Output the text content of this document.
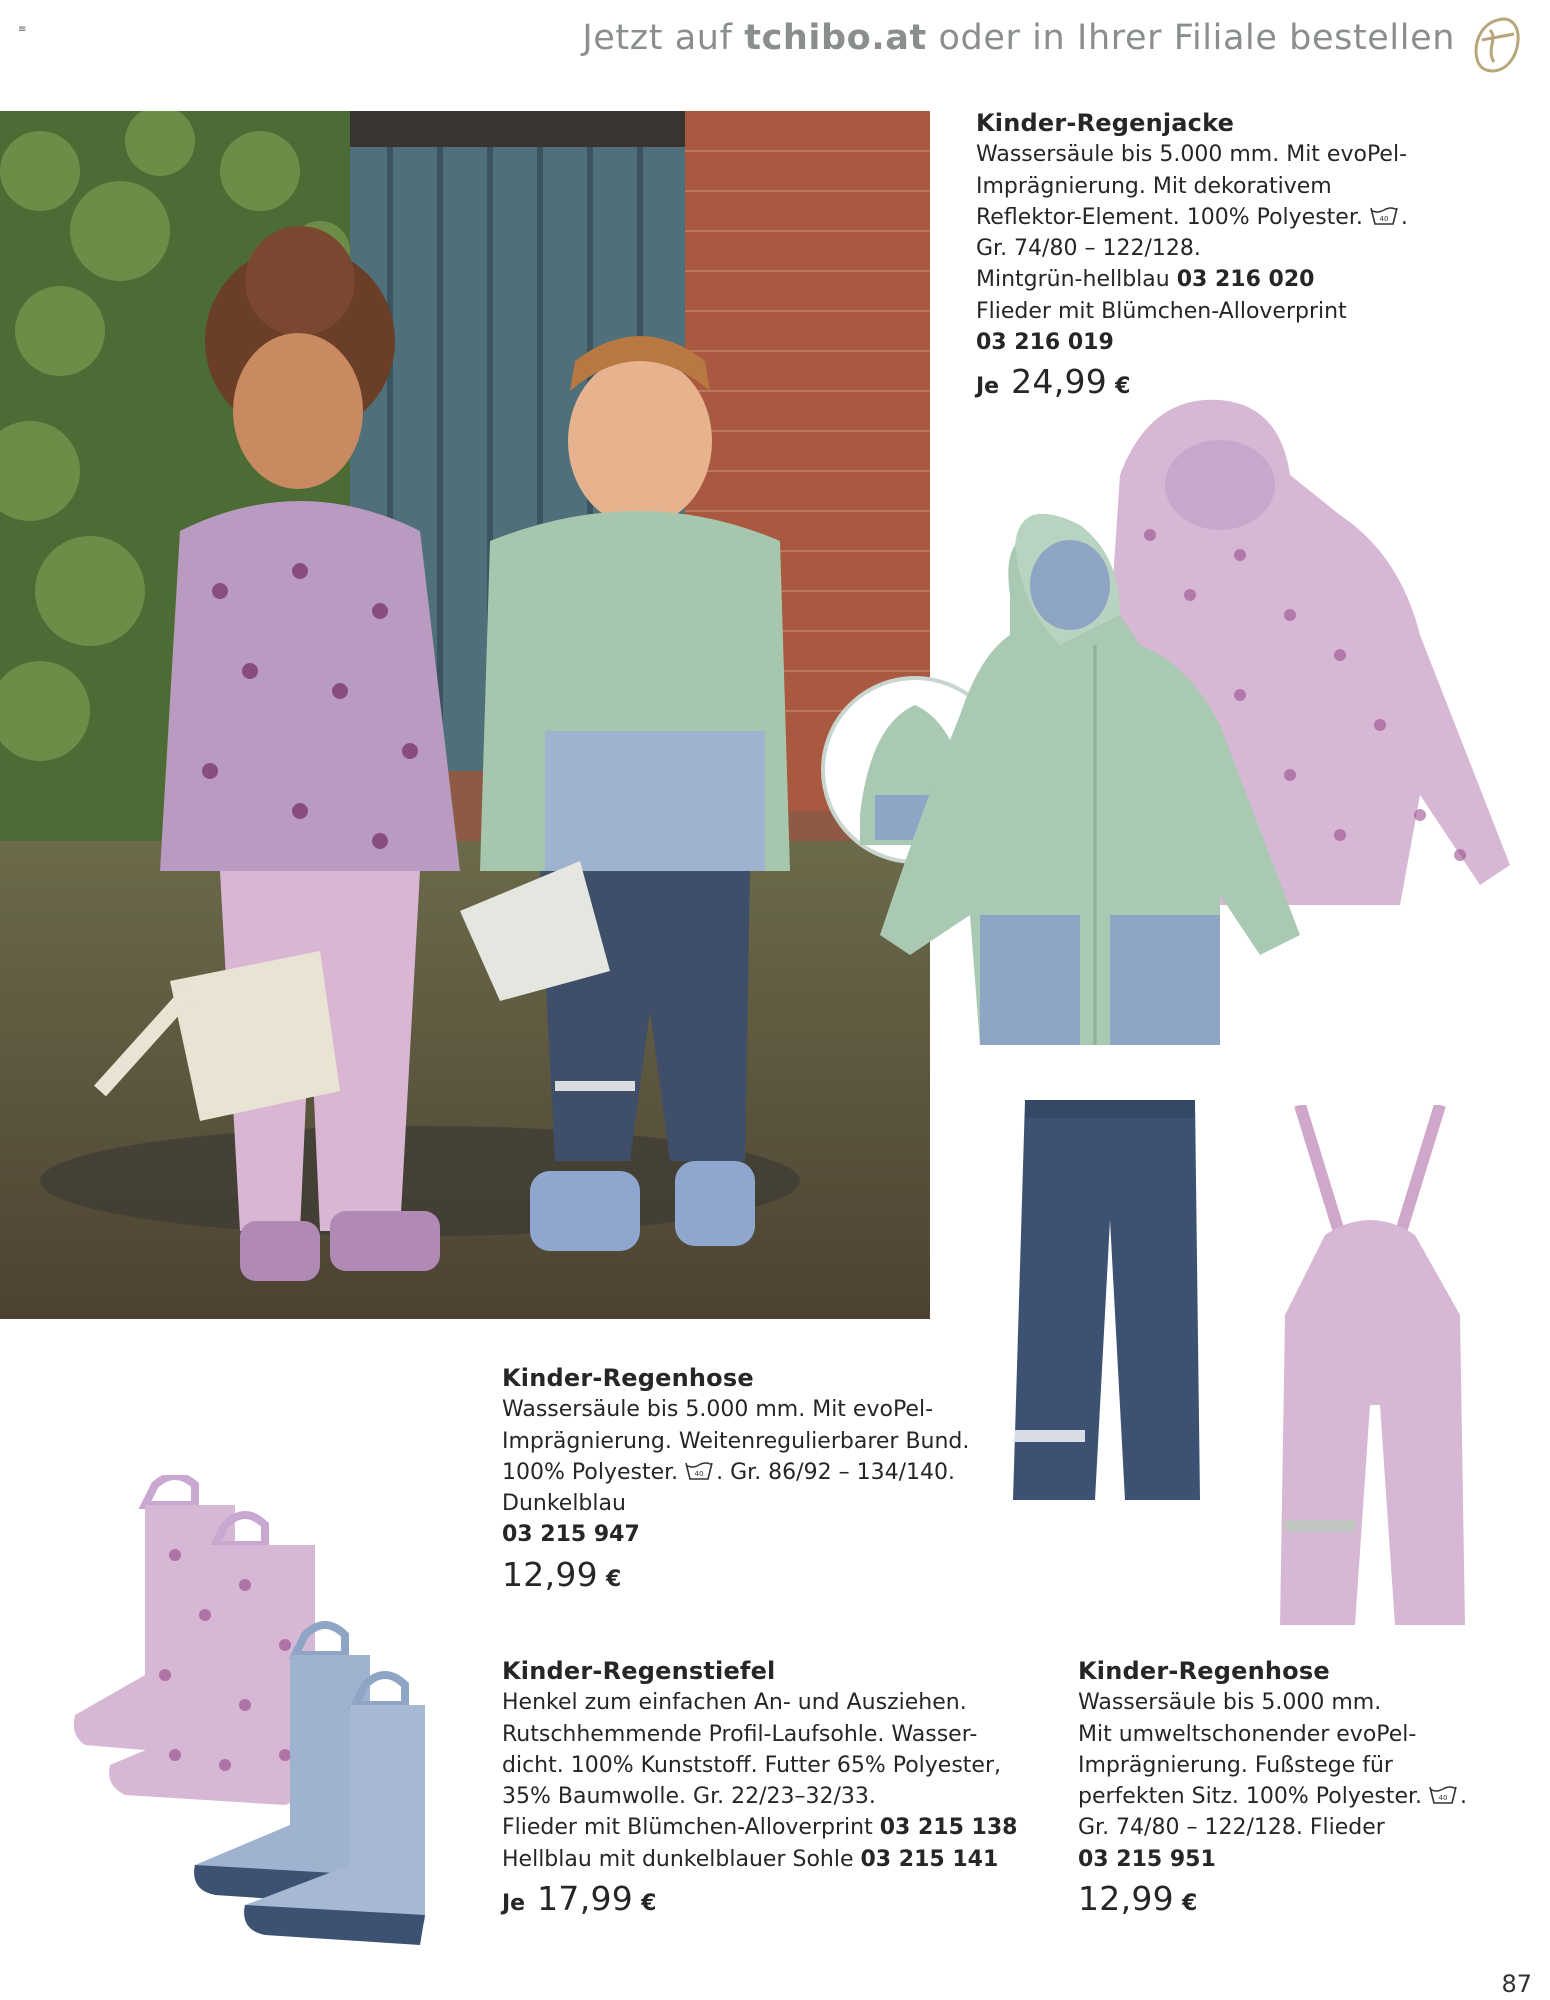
≡	Jetzt auf tchibo.at oder in Ihrer Filiale bestellen
Kinder-Regenjacke
Wassersäule bis 5.000 mm. Mit evoPel-
Imprägnierung. Mit dekorativem
Reflektor-Element. 100% Polyester. 40 .
Gr. 74/80 – 122/128.
Mintgrün-hellblau 03 216 020
Flieder mit Blümchen-Alloverprint
03 216 019
Je 24,99 €
Kinder-Regenhose
Wassersäule bis 5.000 mm. Mit evoPel-
Imprägnierung. Weitenregulierbarer Bund.
100% Polyester. 40 . Gr. 86/92 – 134/140.
Dunkelblau
03 215 947
12,99 €
Kinder-Regenstiefel
Henkel zum einfachen An- und Ausziehen.
Rutschhemmende Profil-Laufsohle. Wasser-
dicht. 100% Kunststoff. Futter 65% Polyester,
35% Baumwolle. Gr. 22/23–32/33.
Flieder mit Blümchen-Alloverprint 03 215 138
Hellblau mit dunkelblauer Sohle 03 215 141
Je 17,99 €
Kinder-Regenhose
Wassersäule bis 5.000 mm.
Mit umweltschonender evoPel-
Imprägnierung. Fußstege für
perfekten Sitz. 100% Polyester. 40 .
Gr. 74/80 – 122/128. Flieder
03 215 951
12,99 €
87
